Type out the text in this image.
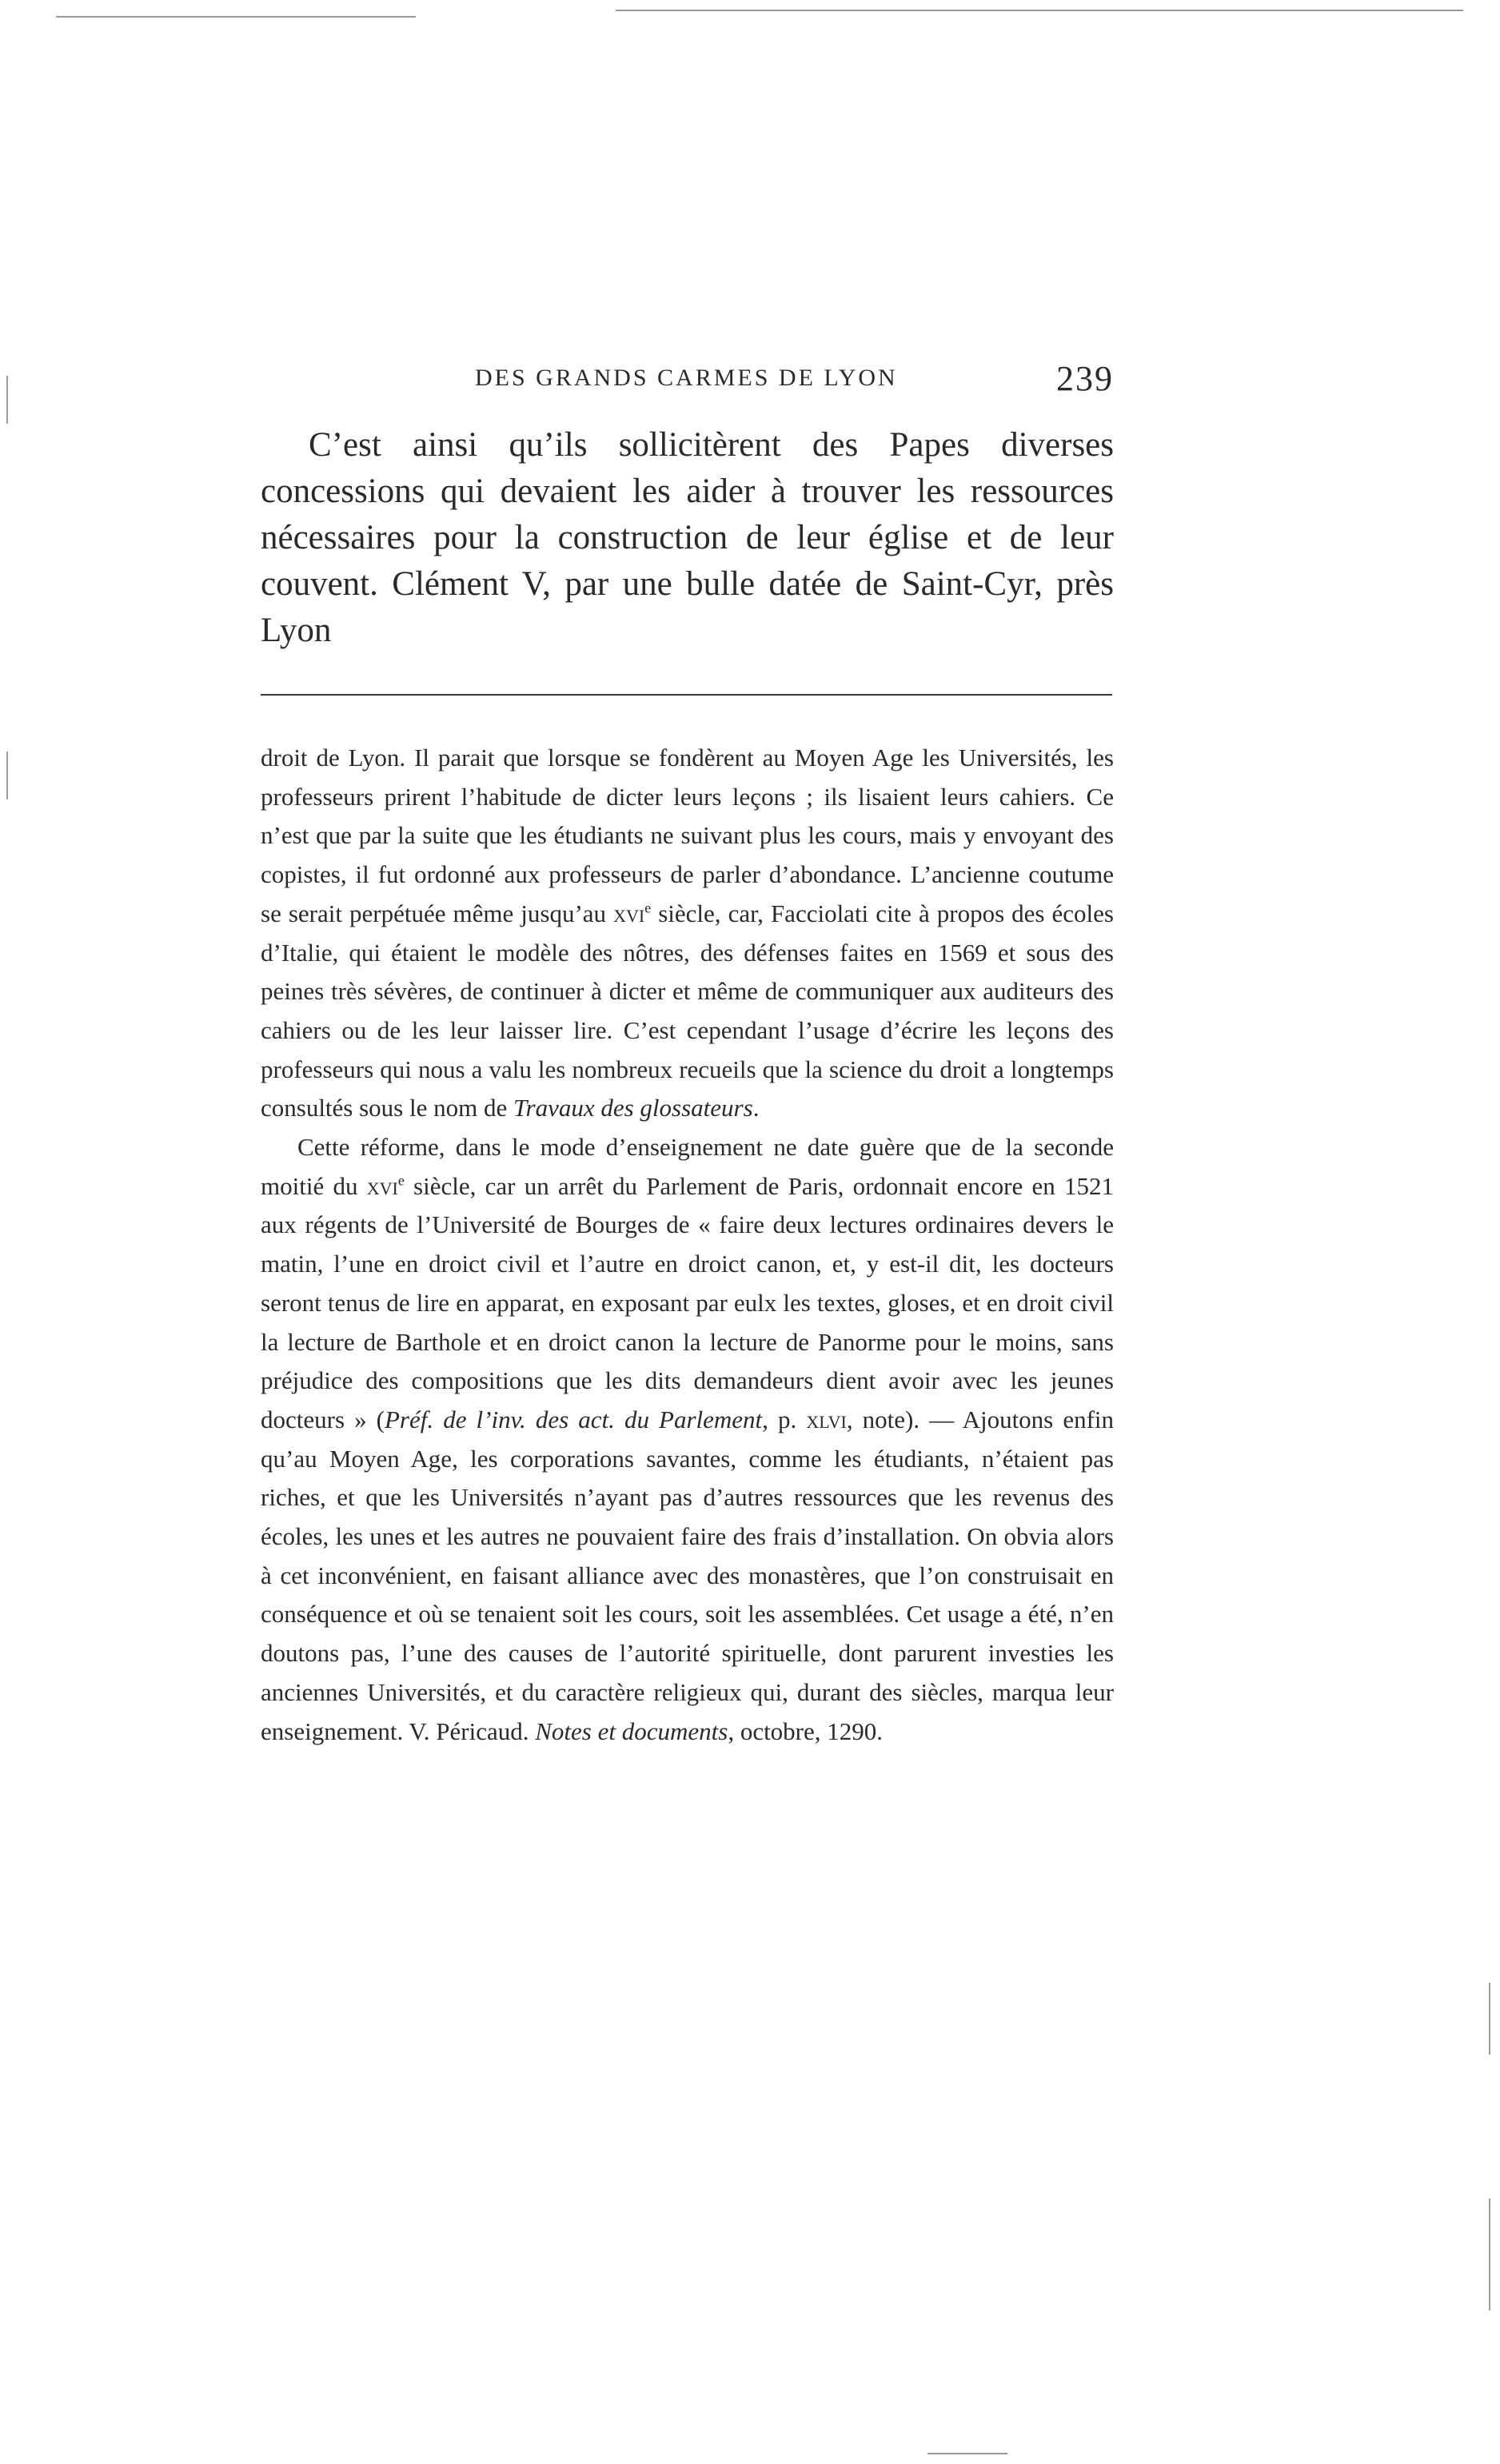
DES GRANDS CARMES DE LYON	239

C’est ainsi qu’ils sollicitèrent des Papes diverses concessions qui devaient les aider à trouver les ressources nécessaires pour la construction de leur église et de leur couvent. Clément V, par une bulle datée de Saint-Cyr, près Lyon

droit de Lyon. Il parait que lorsque se fondèrent au Moyen Age les Universités, les professeurs prirent l’habitude de dicter leurs leçons ; ils lisaient leurs cahiers. Ce n’est que par la suite que les étudiants ne suivant plus les cours, mais y envoyant des copistes, il fut ordonné aux professeurs de parler d’abondance. L’ancienne coutume se serait perpétuée même jusqu’au xvi$^e$ siècle, car, Facciolati cite à propos des écoles d’Italie, qui étaient le modèle des nôtres, des défenses faites en 1569 et sous des peines très sévères, de continuer à dicter et même de communiquer aux auditeurs des cahiers ou de les leur laisser lire. C’est cependant l’usage d’écrire les leçons des professeurs qui nous a valu les nombreux recueils que la science du droit a longtemps consultés sous le nom de Travaux des glossateurs.

Cette réforme, dans le mode d’enseignement ne date guère que de la seconde moitié du xvi$^e$ siècle, car un arrêt du Parlement de Paris, ordonnait encore en 1521 aux régents de l’Université de Bourges de « faire deux lectures ordinaires devers le matin, l’une en droict civil et l’autre en droict canon, et, y est-il dit, les docteurs seront tenus de lire en apparat, en exposant par eulx les textes, gloses, et en droit civil la lecture de Barthole et en droict canon la lecture de Panorme pour le moins, sans préjudice des compositions que les dits demandeurs dient avoir avec les jeunes docteurs » (Préf. de l’inv. des act. du Parlement, p. xlvi, note). — Ajoutons enfin qu’au Moyen Age, les corporations savantes, comme les étudiants, n’étaient pas riches, et que les Universités n’ayant pas d’autres ressources que les revenus des écoles, les unes et les autres ne pouvaient faire des frais d’installation. On obvia alors à cet inconvénient, en faisant alliance avec des monastères, que l’on construisait en conséquence et où se tenaient soit les cours, soit les assemblées. Cet usage a été, n’en doutons pas, l’une des causes de l’autorité spirituelle, dont parurent investies les anciennes Universités, et du caractère religieux qui, durant des siècles, marqua leur enseignement. V. Péricaud. Notes et documents, octobre, 1290.
